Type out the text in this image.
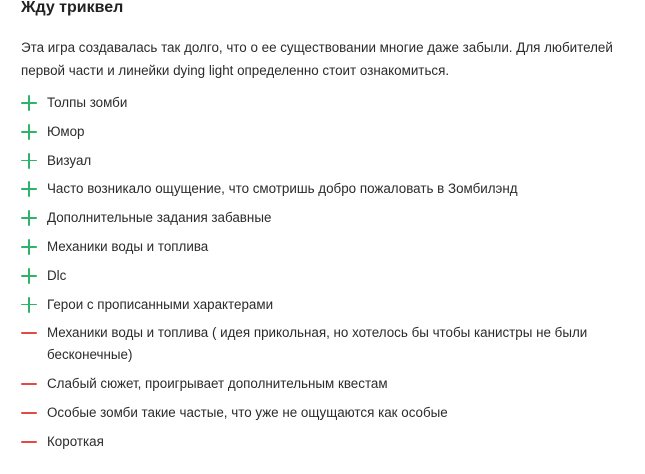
Жду триквел

Эта игра создавалась так долго, что о ее существовании многие даже забыли. Для любителей первой части и линейки dying light определенно стоит ознакомиться.

Толпы зомби
Юмор
Визуал
Часто возникало ощущение, что смотришь добро пожаловать в Зомбилэнд
Дополнительные задания забавные
Механики воды и топлива
Dlc
Герои с прописанными характерами
Механики воды и топлива ( идея прикольная, но хотелось бы чтобы канистры не были бесконечные)
Слабый сюжет, проигрывает дополнительным квестам
Особые зомби такие частые, что уже не ощущаются как особые
Короткая
